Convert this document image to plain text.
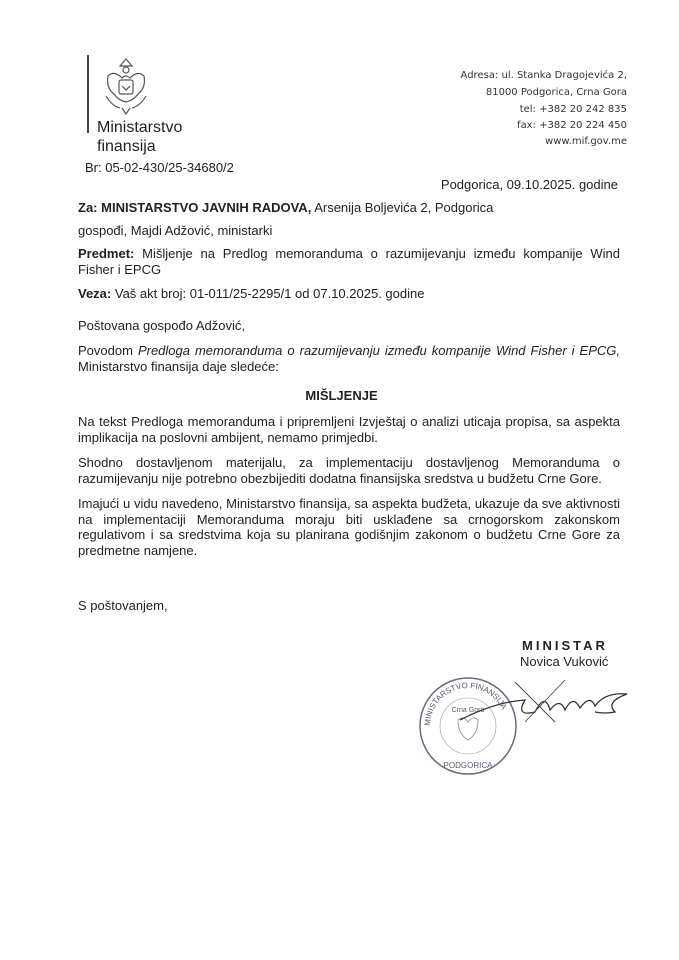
Ministarstvo
finansija
Adresa: ul. Stanka Dragojevića 2,
81000 Podgorica, Crna Gora
tel: +382 20 242 835
fax: +382 20 224 450
www.mif.gov.me
Br: 05-02-430/25-34680/2
Podgorica, 09.10.2025. godine
Za: MINISTARSTVO JAVNIH RADOVA, Arsenija Boljevića 2, Podgorica
gospođi, Majdi Adžović, ministarki
Predmet: Mišljenje na Predlog memoranduma o razumijevanju između kompanije Wind Fisher i EPCG
Veza: Vaš akt broj: 01-011/25-2295/1 od 07.10.2025. godine
Poštovana gospođo Adžović,
Povodom Predloga memoranduma o razumijevanju između kompanije Wind Fisher i EPCG, Ministarstvo finansija daje sledeće:
MIŠLJENJE
Na tekst Predloga memoranduma i pripremljeni Izvještaj o analizi uticaja propisa, sa aspekta implikacija na poslovni ambijent, nemamo primjedbi.
Shodno dostavljenom materijalu, za implementaciju dostavljenog Memoranduma o razumijevanju nije potrebno obezbijediti dodatna finansijska sredstva u budžetu Crne Gore.
Imajući u vidu navedeno, Ministarstvo finansija, sa aspekta budžeta, ukazuje da sve aktivnosti na implementaciji Memoranduma moraju biti usklađene sa crnogorskom zakonskom regulativom i sa sredstvima koja su planirana godišnjim zakonom o budžetu Crne Gore za predmetne namjene.
S poštovanjem,
MINISTAR
Novica Vuković
MINISTARSTVO FINANSIJA
Crna Gora
PODGORICA
